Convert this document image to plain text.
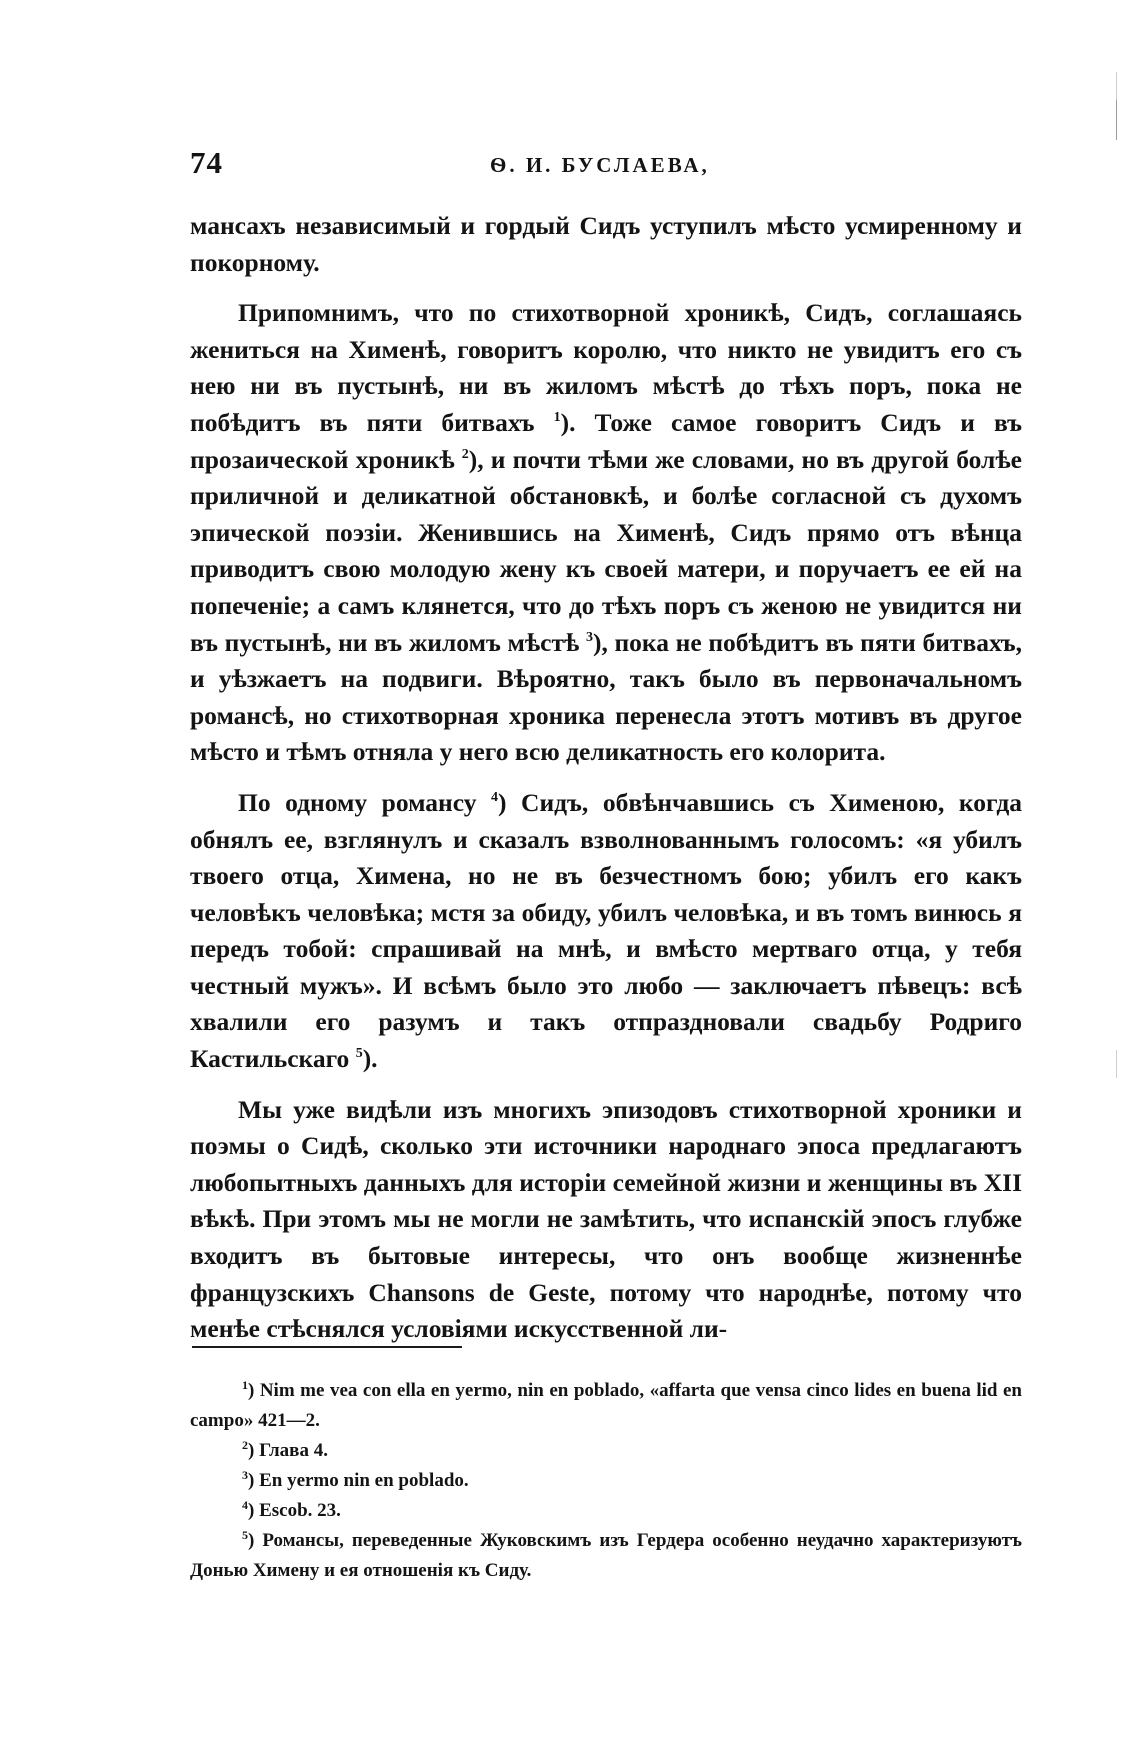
74	Ѳ. И. БУСЛАЕВА,

мансахъ независимый и гордый Сидъ уступилъ мѣсто усмиренному и покорному.

Припомнимъ, что по стихотворной хроникѣ, Сидъ, соглашаясь жениться на Хименѣ, говоритъ королю, что никто не увидитъ его съ нею ни въ пустынѣ, ни въ жиломъ мѣстѣ до тѣхъ поръ, пока не побѣдитъ въ пяти битвахъ $^1$). Тоже самое говоритъ Сидъ и въ прозаической хроникѣ $^2$), и почти тѣми же словами, но въ другой болѣе приличной и деликатной обстановкѣ, и болѣе согласной съ духомъ эпической поэзіи. Женившись на Хименѣ, Сидъ прямо отъ вѣнца приводитъ свою молодую жену къ своей матери, и поручаетъ ее ей на попеченіе; а самъ клянется, что до тѣхъ поръ съ женою не увидится ни въ пустынѣ, ни въ жиломъ мѣстѣ $^3$), пока не побѣдитъ въ пяти битвахъ, и уѣзжаетъ на подвиги. Вѣроятно, такъ было въ первоначальномъ романсѣ, но стихотворная хроника перенесла этотъ мотивъ въ другое мѣсто и тѣмъ отняла у него всю деликатность его колорита.

По одному романсу $^4$) Сидъ, обвѣнчавшись съ Хименою, когда обнялъ ее, взглянулъ и сказалъ взволнованнымъ голосомъ: «я убилъ твоего отца, Химена, но не въ безчестномъ бою; убилъ его какъ человѣкъ человѣка; мстя за обиду, убилъ человѣка, и въ томъ винюсь я передъ тобой: спрашивай на мнѣ, и вмѣсто мертваго отца, у тебя честный мужъ». И всѣмъ было это любо — заключаетъ пѣвецъ: всѣ хвалили его разумъ и такъ отпраздновали свадьбу Родриго Кастильскаго $^5$).

Мы уже видѣли изъ многихъ эпизодовъ стихотворной хроники и поэмы о Сидѣ, сколько эти источники народнаго эпоса предлагаютъ любопытныхъ данныхъ для исторіи семейной жизни и женщины въ XII вѣкѣ. При этомъ мы не могли не замѣтить, что испанскій эпосъ глубже входитъ въ бытовые интересы, что онъ вообще жизненнѣе французскихъ Chansons de Geste, потому что народнѣе, потому что менѣе стѣснялся условіями искусственной ли-

$^1$) Nim me vea con ella en yermo, nin en poblado, «affarta que vensa cinco lides en buena lid en campo» 421—2.

$^2$) Глава 4.

$^3$) En yermo nin en poblado.

$^4$) Escob. 23.

$^5$) Романсы, переведенные Жуковскимъ изъ Гердера особенно неудачно характеризуютъ Донью Химену и ея отношенія къ Сиду.
